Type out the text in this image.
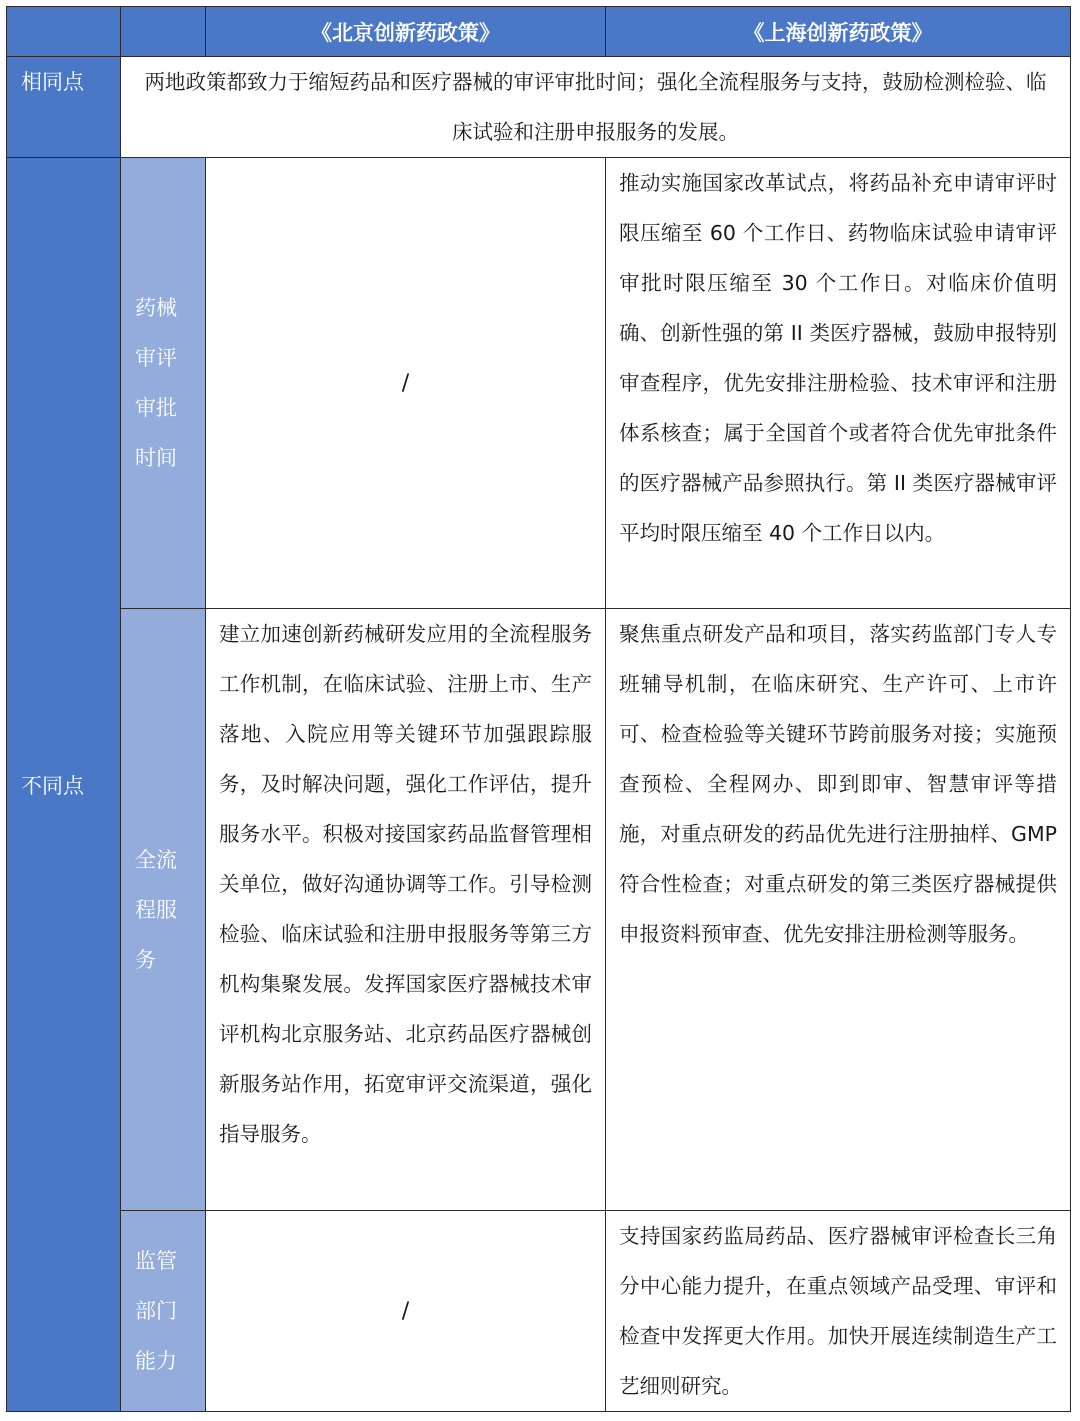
		《北京创新药政策》	《上海创新药政策》
相同点	两地政策都致力于缩短药品和医疗器械的审评审批时间；强化全流程服务与支持，鼓励检测检验、临床试验和注册申报服务的发展。		
不同点	药械审评审批时间	/	推动实施国家改革试点，将药品补充申请审评时限压缩至 60 个工作日、药物临床试验申请审评审批时限压缩至 30 个工作日。对临床价值明确、创新性强的第 II 类医疗器械，鼓励申报特别审查程序，优先安排注册检验、技术审评和注册体系核查；属于全国首个或者符合优先审批条件的医疗器械产品参照执行。第 II 类医疗器械审评平均时限压缩至 40 个工作日以内。

	全流程服务	建立加速创新药械研发应用的全流程服务工作机制，在临床试验、注册上市、生产落地、入院应用等关键环节加强跟踪服务，及时解决问题，强化工作评估，提升服务水平。积极对接国家药品监督管理相关单位，做好沟通协调等工作。引导检测检验、临床试验和注册申报服务等第三方机构集聚发展。发挥国家医疗器械技术审评机构北京服务站、北京药品医疗器械创新服务站作用，拓宽审评交流渠道，强化指导服务。	聚焦重点研发产品和项目，落实药监部门专人专班辅导机制，在临床研究、生产许可、上市许可、检查检验等关键环节跨前服务对接；实施预查预检、全程网办、即到即审、智慧审评等措施，对重点研发的药品优先进行注册抽样、GMP 符合性检查；对重点研发的第三类医疗器械提供申报资料预审查、优先安排注册检测等服务。

	监管部门能力	/	支持国家药监局药品、医疗器械审评检查长三角分中心能力提升，在重点领域产品受理、审评和检查中发挥更大作用。加快开展连续制造生产工艺细则研究。
